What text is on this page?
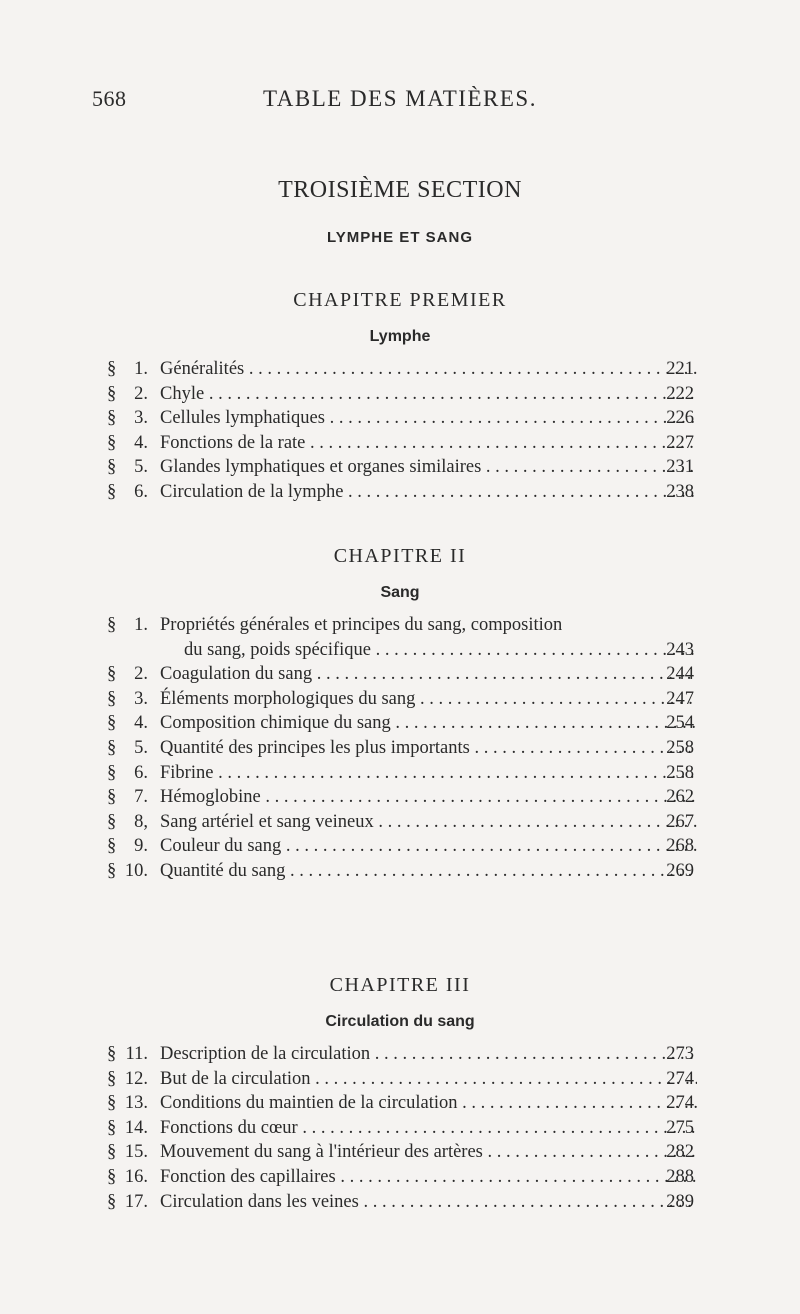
568	TABLE DES MATIÈRES.
TROISIÈME SECTION
LYMPHE ET SANG
CHAPITRE PREMIER
Lymphe
§ 1. Généralités . . .	221
§ 2. Chyle . . .	222
§ 3. Cellules lymphatiques . . .	226
§ 4. Fonctions de la rate . . .	227
§ 5. Glandes lymphatiques et organes similaires . . .	231
§ 6. Circulation de la lymphe . . .	238
CHAPITRE II
Sang
§ 1. Propriétés générales et principes du sang, composition
du sang, poids spécifique . . .	243
§ 2. Coagulation du sang . . .	244
§ 3. Éléments morphologiques du sang . . .	247
§ 4. Composition chimique du sang . . .	254
§ 5. Quantité des principes les plus importants . . .	258
§ 6. Fibrine . . .	258
§ 7. Hémoglobine . . .	262
§ 8, Sang artériel et sang veineux . . .	267
§ 9. Couleur du sang . . .	268
§ 10. Quantité du sang . . .	269
CHAPITRE III
Circulation du sang
§ 11. Description de la circulation . . .	273
§ 12. But de la circulation . . .	274
§ 13. Conditions du maintien de la circulation . . .	274
§ 14. Fonctions du cœur . . .	275
§ 15. Mouvement du sang à l'intérieur des artères . . .	282
§ 16. Fonction des capillaires . . .	288
§ 17. Circulation dans les veines . . .	289
